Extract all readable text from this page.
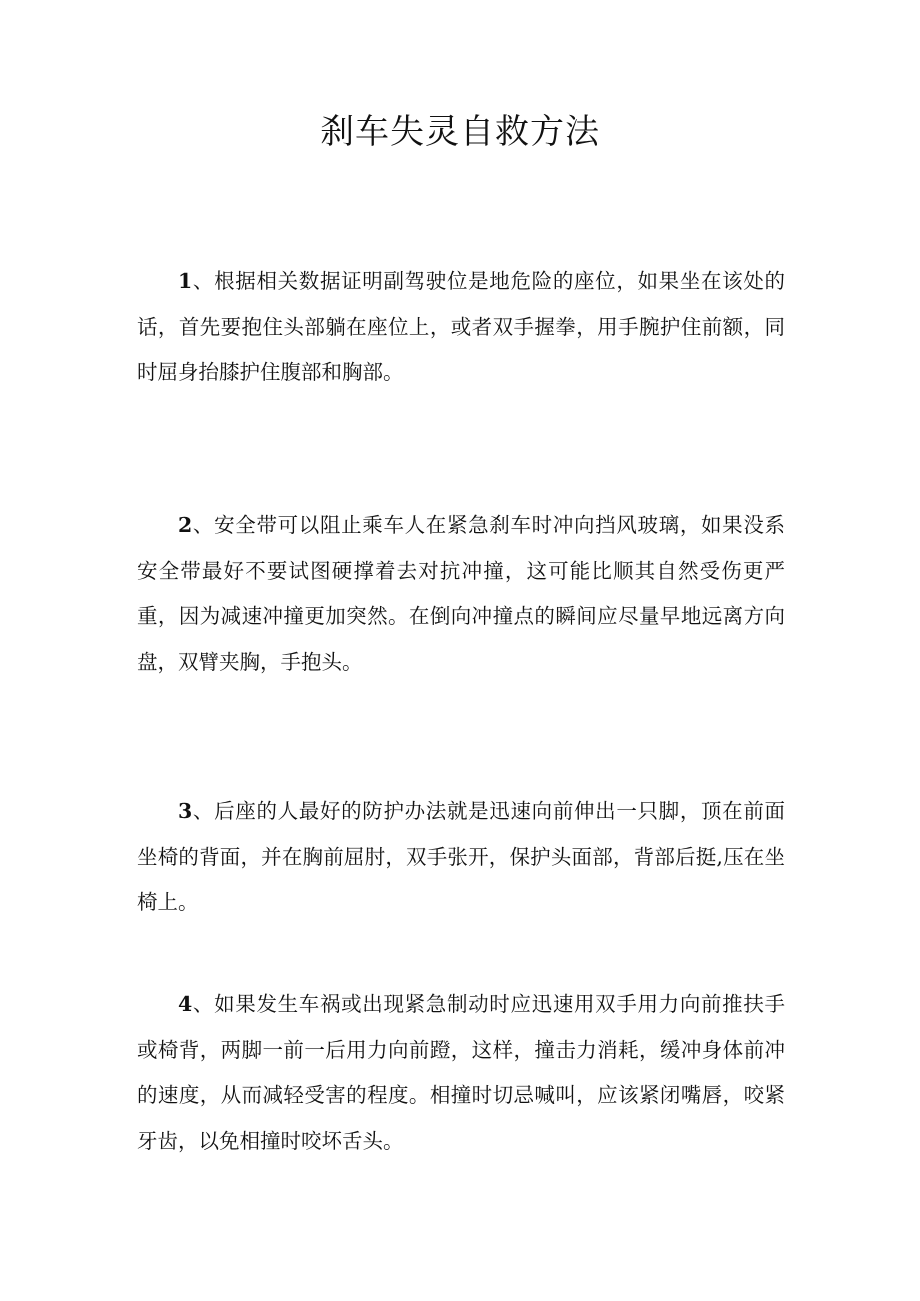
刹车失灵自救方法

1、根据相关数据证明副驾驶位是地危险的座位，如果坐在该处的话，首先要抱住头部躺在座位上，或者双手握拳，用手腕护住前额，同时屈身抬膝护住腹部和胸部。

2、安全带可以阻止乘车人在紧急刹车时冲向挡风玻璃，如果没系安全带最好不要试图硬撑着去对抗冲撞，这可能比顺其自然受伤更严重，因为减速冲撞更加突然。在倒向冲撞点的瞬间应尽量早地远离方向盘，双臂夹胸，手抱头。

3、后座的人最好的防护办法就是迅速向前伸出一只脚，顶在前面坐椅的背面，并在胸前屈肘，双手张开，保护头面部，背部后挺,压在坐椅上。

4、如果发生车祸或出现紧急制动时应迅速用双手用力向前推扶手或椅背，两脚一前一后用力向前蹬，这样，撞击力消耗，缓冲身体前冲的速度，从而减轻受害的程度。相撞时切忌喊叫，应该紧闭嘴唇，咬紧牙齿，以免相撞时咬坏舌头。
